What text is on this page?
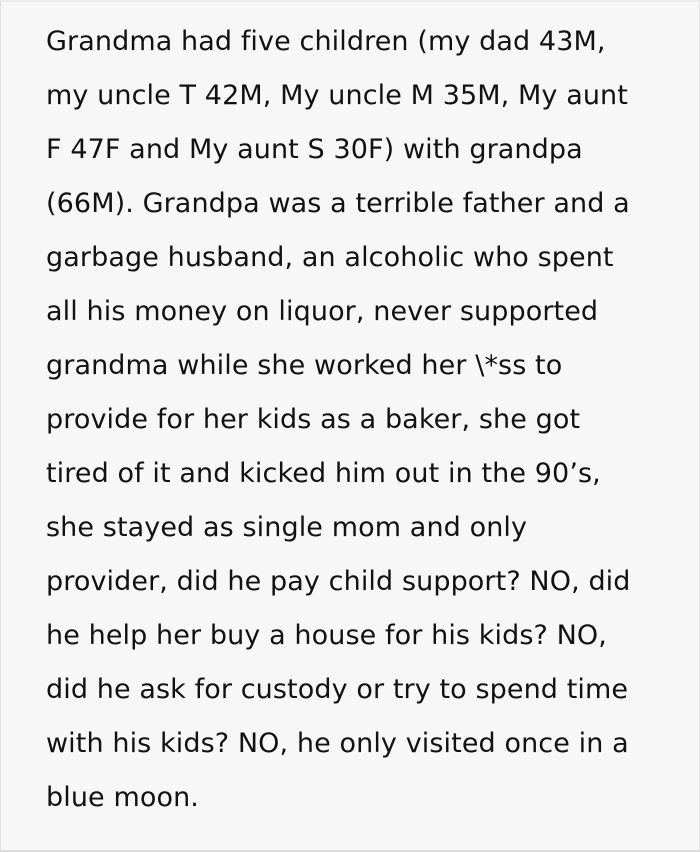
Grandma had five children (my dad 43M,
my uncle T 42M, My uncle M 35M, My aunt
F 47F and My aunt S 30F) with grandpa
(66M). Grandpa was a terrible father and a
garbage husband, an alcoholic who spent
all his money on liquor, never supported
grandma while she worked her \*ss to
provide for her kids as a baker, she got
tired of it and kicked him out in the 90’s,
she stayed as single mom and only
provider, did he pay child support? NO, did
he help her buy a house for his kids? NO,
did he ask for custody or try to spend time
with his kids? NO, he only visited once in a
blue moon.
